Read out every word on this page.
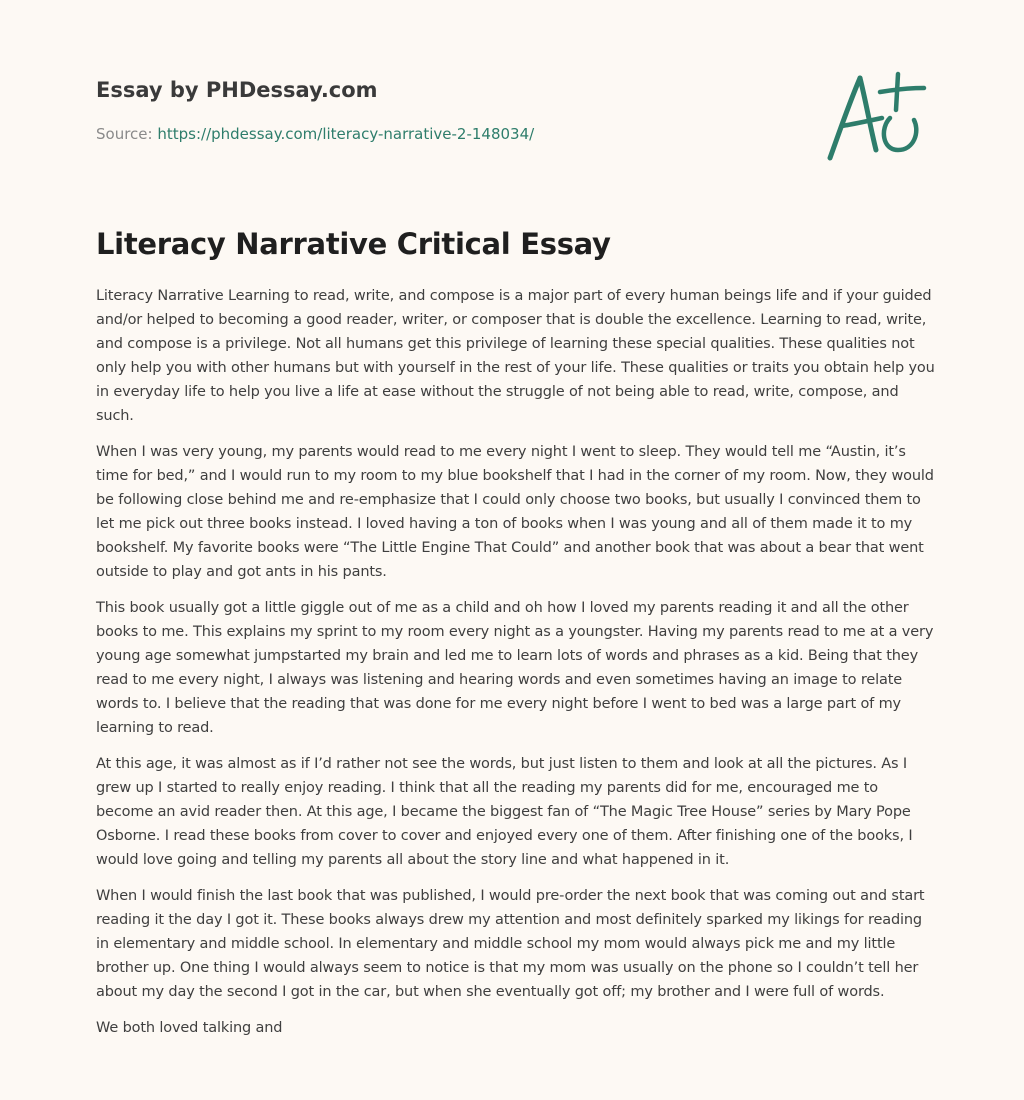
Essay by PHDessay.com
Source: https://phdessay.com/literacy-narrative-2-148034/
Literacy Narrative Critical Essay

Literacy Narrative Learning to read, write, and compose is a major part of every human beings life and if your guided and/or helped to becoming a good reader, writer, or composer that is double the excellence. Learning to read, write, and compose is a privilege. Not all humans get this privilege of learning these special qualities. These qualities not only help you with other humans but with yourself in the rest of your life. These qualities or traits you obtain help you in everyday life to help you live a life at ease without the struggle of not being able to read, write, compose, and such.

When I was very young, my parents would read to me every night I went to sleep. They would tell me “Austin, it’s time for bed,” and I would run to my room to my blue bookshelf that I had in the corner of my room. Now, they would be following close behind me and re-emphasize that I could only choose two books, but usually I convinced them to let me pick out three books instead. I loved having a ton of books when I was young and all of them made it to my bookshelf. My favorite books were “The Little Engine That Could” and another book that was about a bear that went outside to play and got ants in his pants.

This book usually got a little giggle out of me as a child and oh how I loved my parents reading it and all the other books to me. This explains my sprint to my room every night as a youngster. Having my parents read to me at a very young age somewhat jumpstarted my brain and led me to learn lots of words and phrases as a kid. Being that they read to me every night, I always was listening and hearing words and even sometimes having an image to relate words to. I believe that the reading that was done for me every night before I went to bed was a large part of my learning to read.

At this age, it was almost as if I’d rather not see the words, but just listen to them and look at all the pictures. As I grew up I started to really enjoy reading. I think that all the reading my parents did for me, encouraged me to become an avid reader then. At this age, I became the biggest fan of “The Magic Tree House” series by Mary Pope Osborne. I read these books from cover to cover and enjoyed every one of them. After finishing one of the books, I would love going and telling my parents all about the story line and what happened in it.

When I would finish the last book that was published, I would pre-order the next book that was coming out and start reading it the day I got it. These books always drew my attention and most definitely sparked my likings for reading in elementary and middle school. In elementary and middle school my mom would always pick me and my little brother up. One thing I would always seem to notice is that my mom was usually on the phone so I couldn’t tell her about my day the second I got in the car, but when she eventually got off; my brother and I were full of words.

We both loved talking and
